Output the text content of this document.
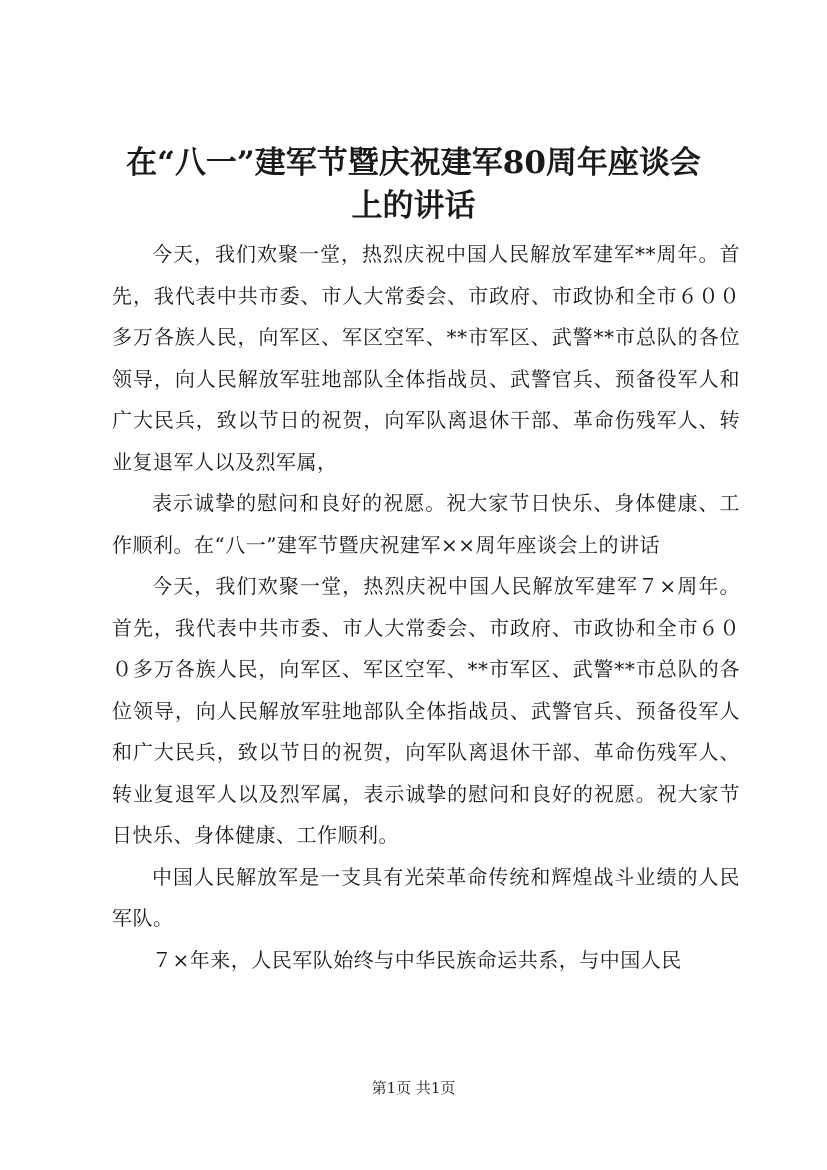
在“八一”建军节暨庆祝建军80周年座谈会
上的讲话

今天，我们欢聚一堂，热烈庆祝中国人民解放军建军**周年。首先，我代表中共市委、市人大常委会、市政府、市政协和全市６００多万各族人民，向军区、军区空军、**市军区、武警**市总队的各位领导，向人民解放军驻地部队全体指战员、武警官兵、预备役军人和广大民兵，致以节日的祝贺，向军队离退休干部、革命伤残军人、转业复退军人以及烈军属，

表示诚挚的慰问和良好的祝愿。祝大家节日快乐、身体健康、工作顺利。在“八一”建军节暨庆祝建军××周年座谈会上的讲话

今天，我们欢聚一堂，热烈庆祝中国人民解放军建军７×周年。首先，我代表中共市委、市人大常委会、市政府、市政协和全市６００多万各族人民，向军区、军区空军、**市军区、武警**市总队的各位领导，向人民解放军驻地部队全体指战员、武警官兵、预备役军人和广大民兵，致以节日的祝贺，向军队离退休干部、革命伤残军人、转业复退军人以及烈军属，表示诚挚的慰问和良好的祝愿。祝大家节日快乐、身体健康、工作顺利。

中国人民解放军是一支具有光荣革命传统和辉煌战斗业绩的人民军队。

７×年来，人民军队始终与中华民族命运共系，与中国人民

第1页 共1页
